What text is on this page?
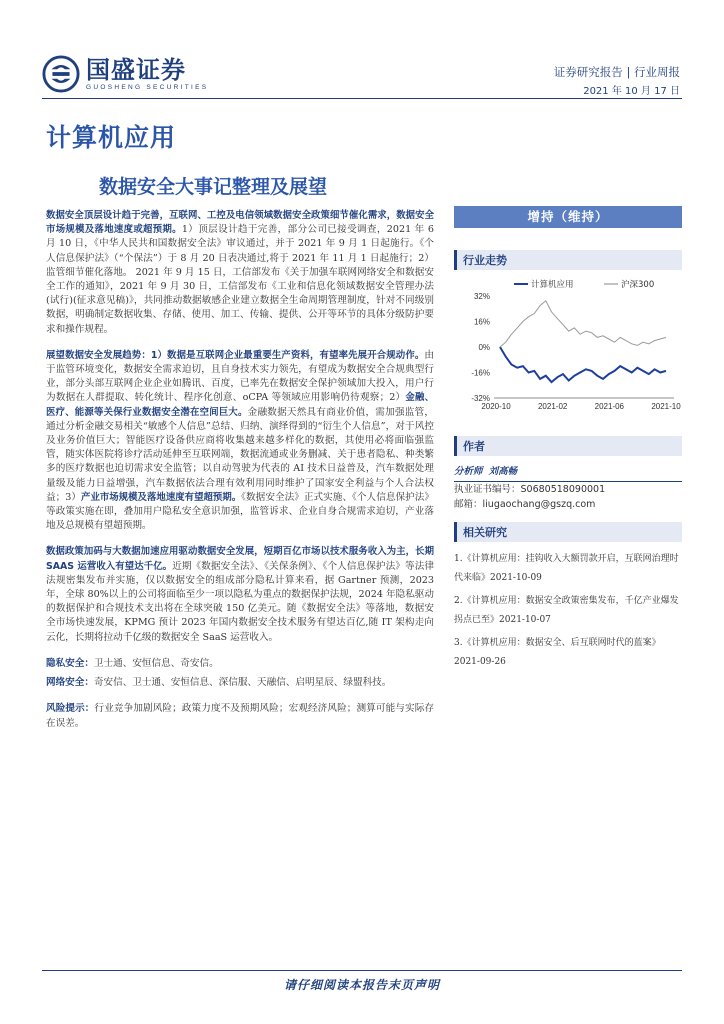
国盛证券
GUOSHENG SECURITIES
证券研究报告 | 行业周报
2021 年 10 月 17 日
计算机应用
数据安全大事记整理及展望

数据安全顶层设计趋于完善，互联网、工控及电信领域数据安全政策细节催化需求，数据安全市场规模及落地速度或超预期。1）顶层设计趋于完善，部分公司已接受调查，2021 年 6 月 10 日，《中华人民共和国数据安全法》审议通过，并于 2021 年 9 月 1 日起施行。《个人信息保护法》（“个保法”）于 8 月 20 日表决通过,将于 2021 年 11 月 1 日起施行；2）监管细节催化落地。 2021 年 9 月 15 日，工信部发布《关于加强车联网网络安全和数据安全工作的通知》，2021 年 9 月 30 日，工信部发布《工业和信息化领域数据安全管理办法(试行)(征求意见稿)》，共同推动数据敏感企业建立数据全生命周期管理制度，针对不同级别数据，明确制定数据收集、存储、使用、加工、传输、提供、公开等环节的具体分级防护要求和操作规程。

展望数据安全发展趋势：1）数据是互联网企业最重要生产资料，有望率先展开合规动作。由于监管环境变化，数据安全需求迫切，且自身技术实力领先，有望成为数据安全合规典型行业，部分头部互联网企业企业如腾讯、百度，已率先在数据安全保护领域加大投入，用户行为数据在人群提取、转化统计、程序化创意、oCPA 等领域应用影响仍待观察；2）金融、医疗、能源等关保行业数据安全潜在空间巨大。金融数据天然具有商业价值，需加强监管，通过分析金融交易相关“敏感个人信息”总结、归纳、演绎得到的“衍生个人信息”，对于风控及业务价值巨大；智能医疗设备供应商将收集越来越多样化的数据，其使用必将面临强监管，随实体医院将诊疗活动延伸至互联网端，数据流通或业务删减、关于患者隐私、种类繁多的医疗数据也迫切需求安全监管；以自动驾驶为代表的 AI 技术日益普及，汽车数据处理量级及能力日益增强，汽车数据依法合理有效利用同时维护了国家安全利益与个人合法权益；3）产业市场规模及落地速度有望超预期。《数据安全法》正式实施、《个人信息保护法》等政策实施在即，叠加用户隐私安全意识加强，监管诉求、企业自身合规需求迫切，产业落地及总规模有望超预期。

数据政策加码与大数据加速应用驱动数据安全发展，短期百亿市场以技术服务收入为主，长期 SAAS 运营收入有望达千亿。近期《数据安全法》、《关保条例》、《个人信息保护法》等法律法规密集发布并实施，仅以数据安全的组成部分隐私计算来看，据 Gartner 预测，2023 年，全球 80%以上的公司将面临至少一项以隐私为重点的数据保护法规，2024 年隐私驱动的数据保护和合规技术支出将在全球突破 150 亿美元。随《数据安全法》等落地，数据安全市场快速发展，KPMG 预计 2023 年国内数据安全技术服务有望达百亿,随 IT 架构走向云化，长期将拉动千亿级的数据安全 SaaS 运营收入。

隐私安全：卫士通、安恒信息、奇安信。

网络安全：奇安信、卫士通、安恒信息、深信服、天融信、启明星辰、绿盟科技。

风险提示：行业竞争加剧风险；政策力度不及预期风险；宏观经济风险；测算可能与实际存在误差。

增持（维持）
行业走势
32%
16%
0%
-16%
-32%
2020-10	2021-02	2021-06	2021-10
计算机应用	沪深300
作者
分析师 刘高畅
执业证书编号：S0680518090001
邮箱：liugaochang@gszq.com
相关研究
1.《计算机应用：挂钩收入大额罚款开启，互联网治理时代来临》2021-10-09
2.《计算机应用：数据安全政策密集发布，千亿产业爆发拐点已至》2021-10-07
3.《计算机应用：数据安全、后互联网时代的蓝案》2021-09-26
请仔细阅读本报告末页声明
